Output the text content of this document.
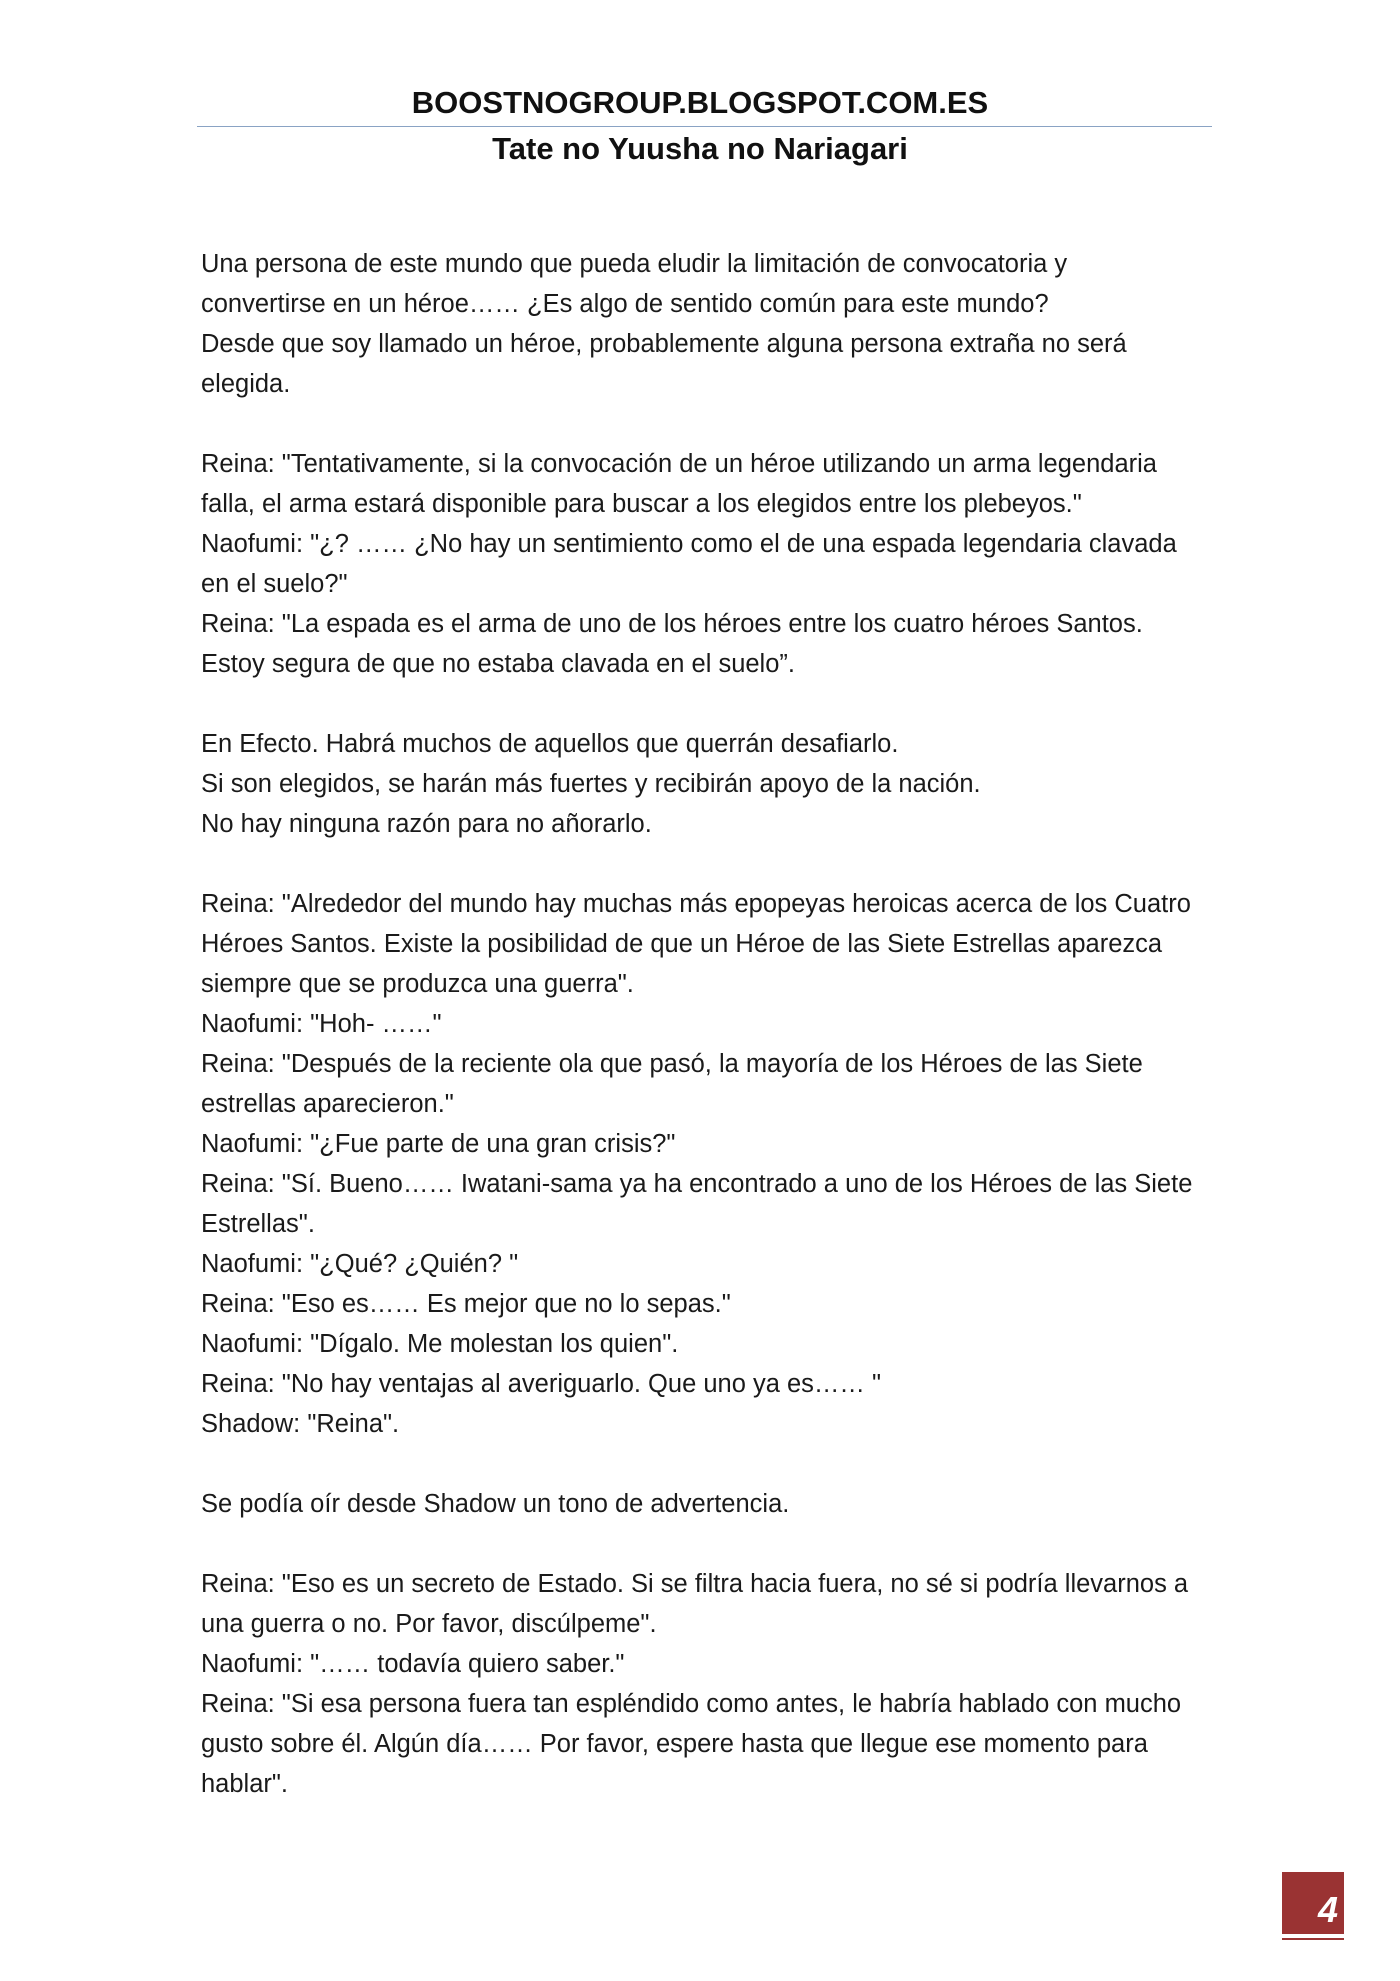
BOOSTNOGROUP.BLOGSPOT.COM.ES
Tate no Yuusha no Nariagari
Una persona de este mundo que pueda eludir la limitación de convocatoria y
convertirse en un héroe…… ¿Es algo de sentido común para este mundo?
Desde que soy llamado un héroe, probablemente alguna persona extraña no será
elegida.
Reina: "Tentativamente, si la convocación de un héroe utilizando un arma legendaria
falla, el arma estará disponible para buscar a los elegidos entre los plebeyos."
Naofumi: "¿? …… ¿No hay un sentimiento como el de una espada legendaria clavada
en el suelo?"
Reina: "La espada es el arma de uno de los héroes entre los cuatro héroes Santos.
Estoy segura de que no estaba clavada en el suelo”.
En Efecto. Habrá muchos de aquellos que querrán desafiarlo.
Si son elegidos, se harán más fuertes y recibirán apoyo de la nación.
No hay ninguna razón para no añorarlo.
Reina: "Alrededor del mundo hay muchas más epopeyas heroicas acerca de los Cuatro
Héroes Santos. Existe la posibilidad de que un Héroe de las Siete Estrellas aparezca
siempre que se produzca una guerra".
Naofumi: "Hoh- ……"
Reina: "Después de la reciente ola que pasó, la mayoría de los Héroes de las Siete
estrellas aparecieron."
Naofumi: "¿Fue parte de una gran crisis?"
Reina: "Sí. Bueno…… Iwatani-sama ya ha encontrado a uno de los Héroes de las Siete
Estrellas".
Naofumi: "¿Qué? ¿Quién? "
Reina: "Eso es…… Es mejor que no lo sepas."
Naofumi: "Dígalo. Me molestan los quien".
Reina: "No hay ventajas al averiguarlo. Que uno ya es…… "
Shadow: "Reina".
Se podía oír desde Shadow un tono de advertencia.
Reina: "Eso es un secreto de Estado. Si se filtra hacia fuera, no sé si podría llevarnos a
una guerra o no. Por favor, discúlpeme".
Naofumi: "…… todavía quiero saber."
Reina: "Si esa persona fuera tan espléndido como antes, le habría hablado con mucho
gusto sobre él. Algún día…… Por favor, espere hasta que llegue ese momento para
hablar".
4
